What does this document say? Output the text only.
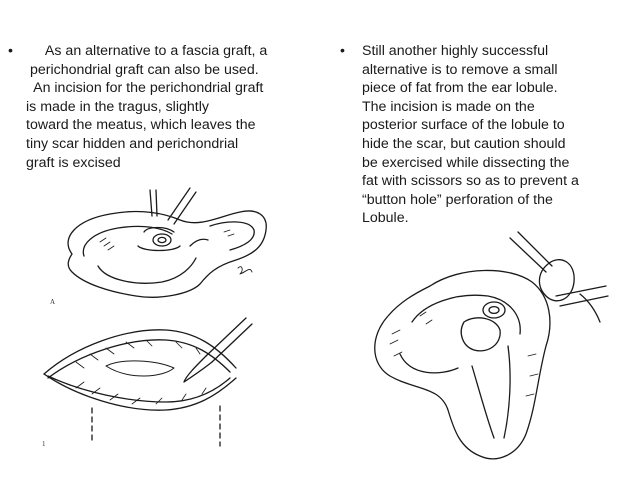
• As an alternative to a fascia graft, a
perichondrial graft can also be used.
An incision for the perichondrial graft
is made in the tragus, slightly
toward the meatus, which leaves the
tiny scar hidden and perichondrial
graft is excised
• Still another highly successful
alternative is to remove a small
piece of fat from the ear lobule.
The incision is made on the
posterior surface of the lobule to
hide the scar, but caution should
be exercised while dissecting the
fat with scissors so as to prevent a
“button hole” perforation of the
Lobule.
A
1
